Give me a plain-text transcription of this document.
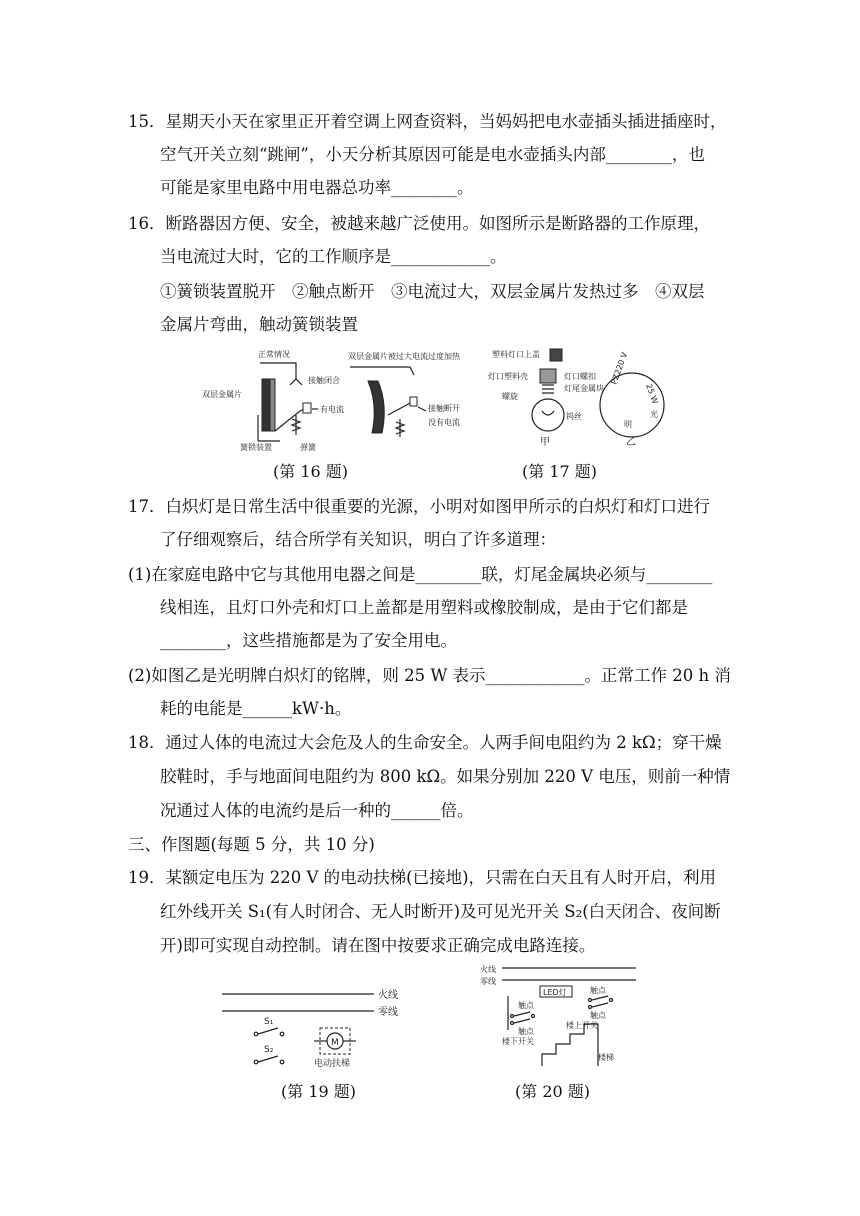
15．星期天小天在家里正开着空调上网查资料，当妈妈把电水壶插头插进插座时，
空气开关立刻“跳闸”，小天分析其原因可能是电水壶插头内部________，也
可能是家里电路中用电器总功率________。
16．断路器因方便、安全，被越来越广泛使用。如图所示是断路器的工作原理，
当电流过大时，它的工作顺序是____________。
①簧锁装置脱开　②触点断开　③电流过大，双层金属片发热过多　④双层
金属片弯曲，触动簧锁装置
正常情况
双层金属片
接触闭合
有电流
簧锁装置	弹簧
双层金属片被过大电流过度加热
接触断开
没有电流
(第 16 题)
塑料灯口上盖
灯口塑料壳
螺旋
灯口螺扣
灯尾金属块
钨丝
甲
PZ220 V
25 W
光
明
乙
(第 17 题)
17．白炽灯是日常生活中很重要的光源，小明对如图甲所示的白炽灯和灯口进行
了仔细观察后，结合所学有关知识，明白了许多道理：
(1)在家庭电路中它与其他用电器之间是________联，灯尾金属块必须与________
线相连，且灯口外壳和灯口上盖都是用塑料或橡胶制成，是由于它们都是
________，这些措施都是为了安全用电。
(2)如图乙是光明牌白炽灯的铭牌，则 25 W 表示____________。正常工作 20 h 消
耗的电能是______kW·h。
18．通过人体的电流过大会危及人的生命安全。人两手间电阻约为 2 kΩ；穿干燥
胶鞋时，手与地面间电阻约为 800 kΩ。如果分别加 220 V 电压，则前一种情
况通过人体的电流约是后一种的______倍。
三、作图题(每题 5 分，共 10 分)
19．某额定电压为 220 V 的电动扶梯(已接地)，只需在白天且有人时开启，利用
红外线开关 S₁(有人时闭合、无人时断开)及可见光开关 S₂(白天闭合、夜间断
开)即可实现自动控制。请在图中按要求正确完成电路连接。
火线
零线
S₁
S₂
M
电动扶梯
(第 19 题)
火线
零线
LED灯	触点
触点
触点
触点
楼上开关
楼下开关
楼梯
(第 20 题)
